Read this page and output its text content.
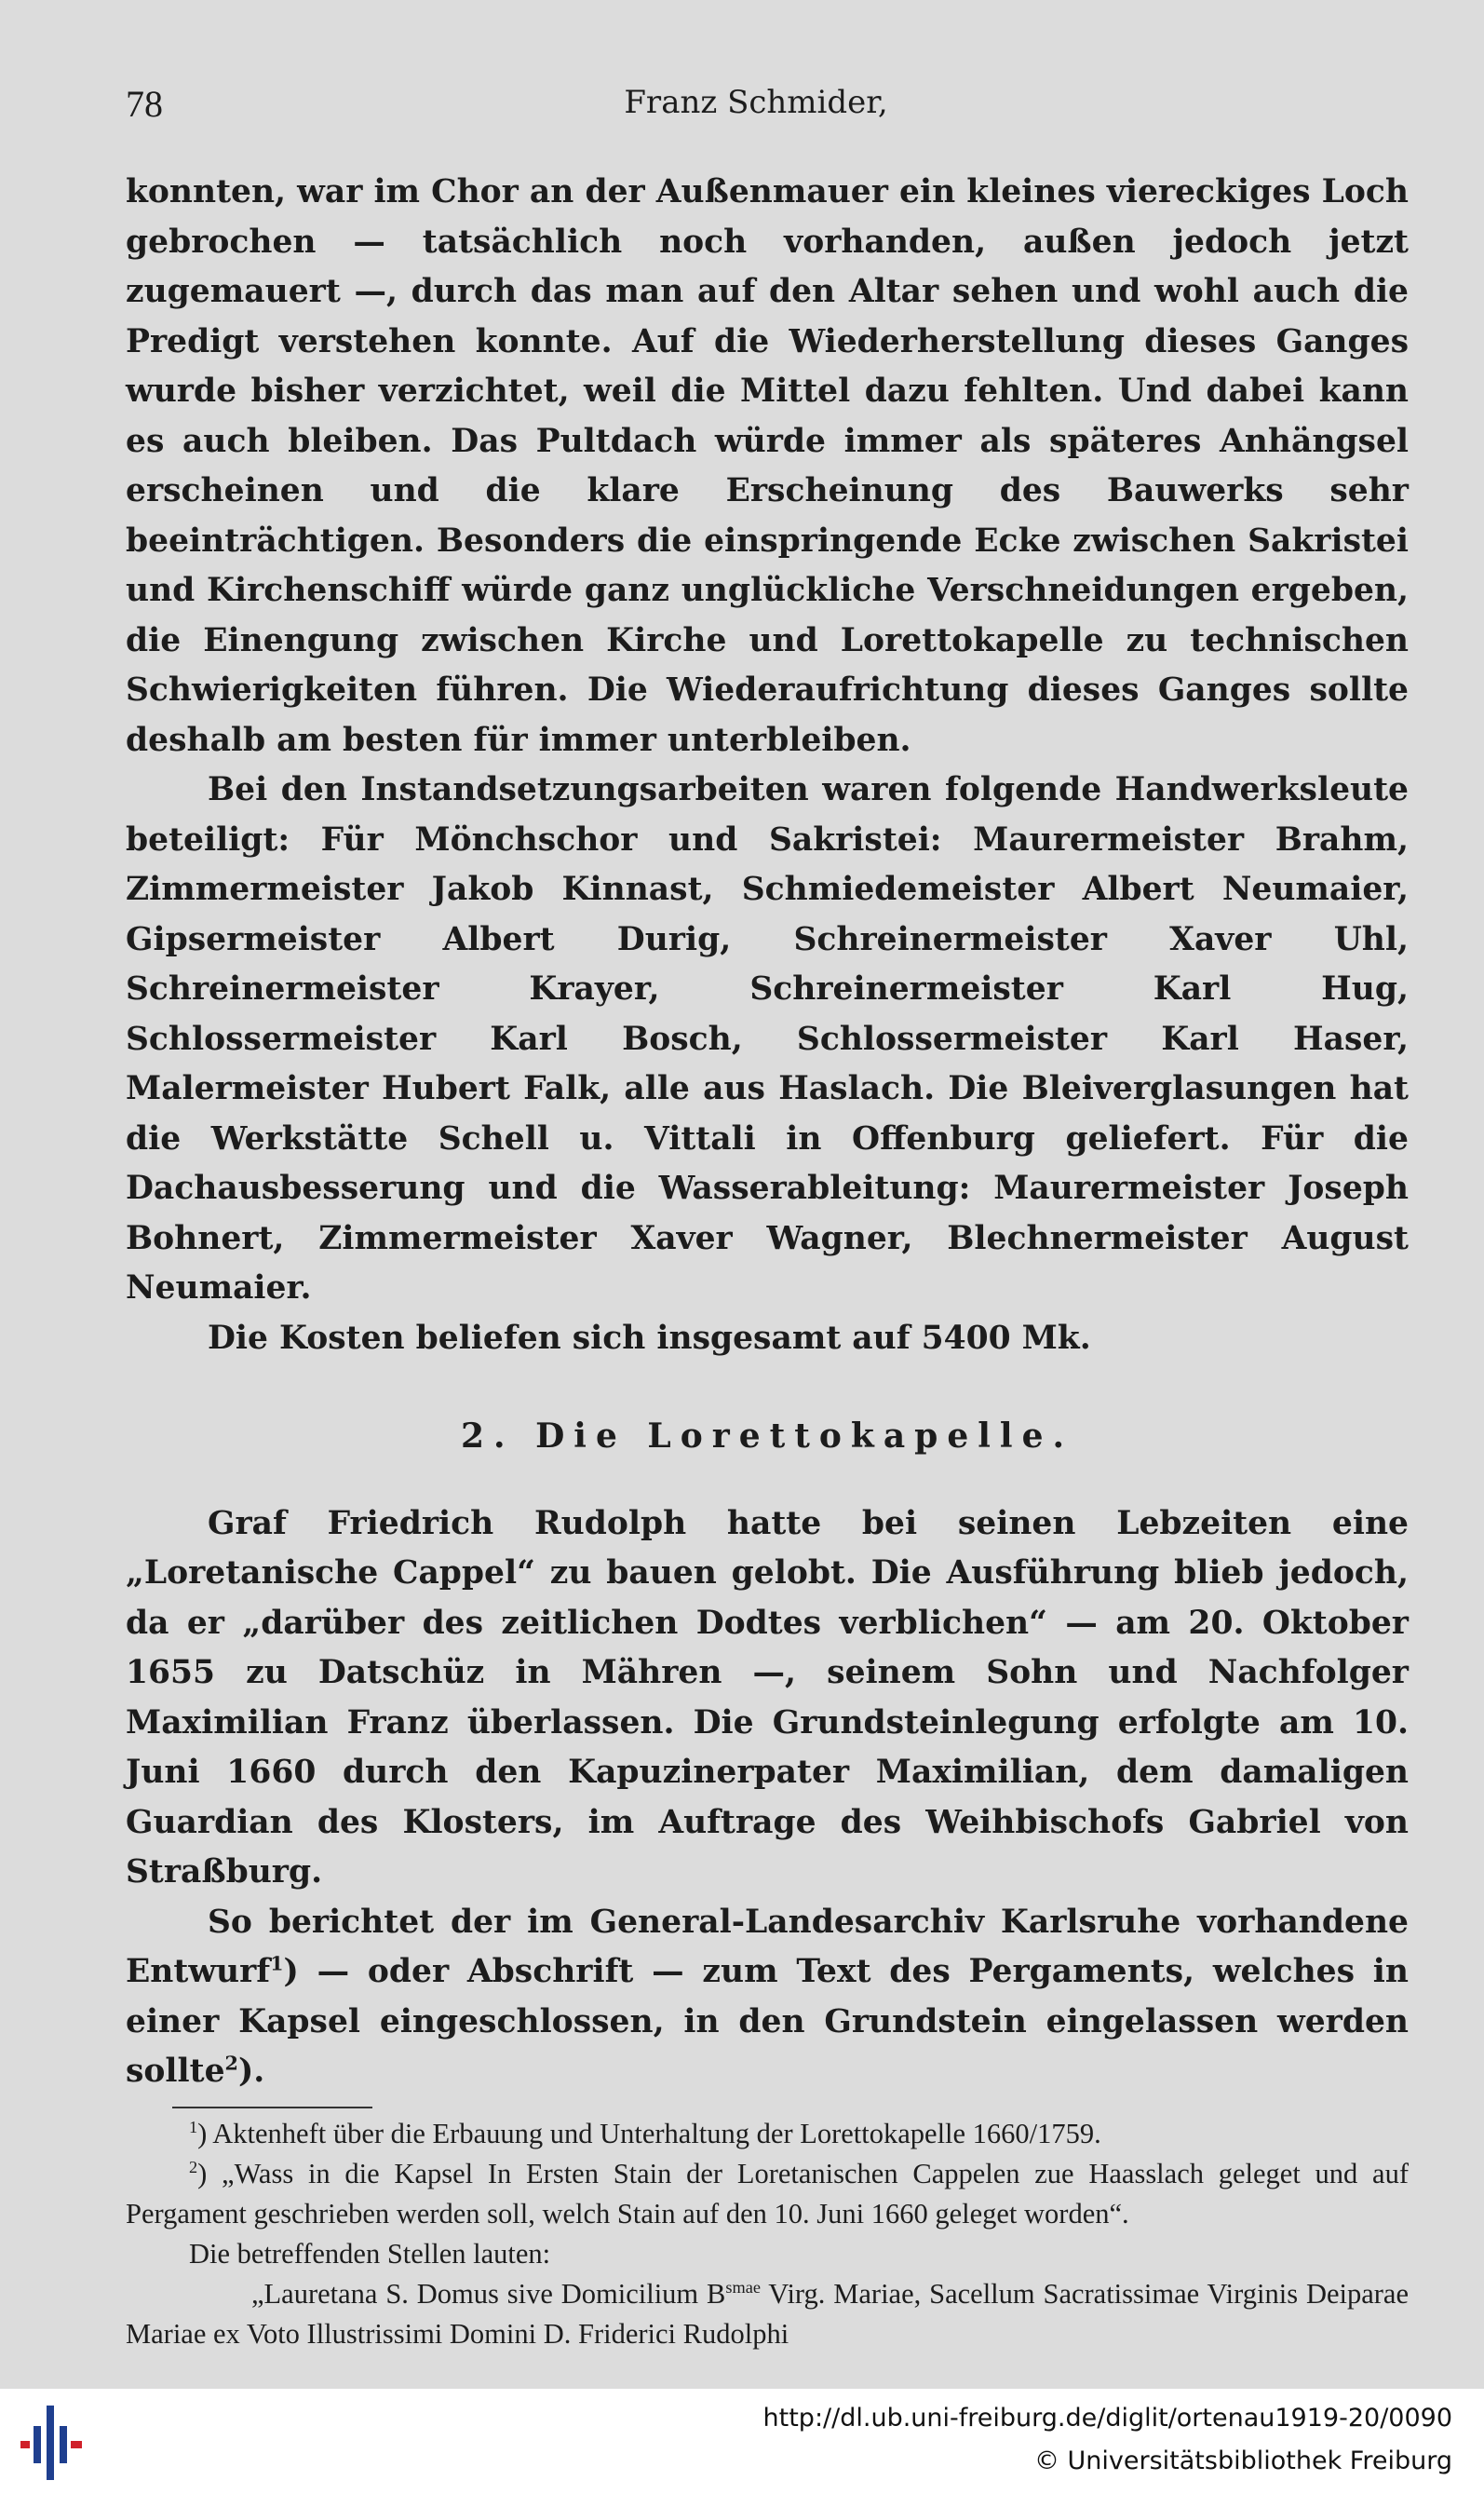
78	Franz Schmider,

konnten, war im Chor an der Außenmauer ein kleines viereckiges Loch gebrochen — tatsächlich noch vorhanden, außen jedoch jetzt zugemauert —, durch das man auf den Altar sehen und wohl auch die Predigt verstehen konnte. Auf die Wiederherstellung dieses Ganges wurde bisher verzichtet, weil die Mittel dazu fehlten. Und dabei kann es auch bleiben. Das Pultdach würde immer als späteres Anhängsel erscheinen und die klare Erscheinung des Bauwerks sehr beeinträchtigen. Besonders die einspringende Ecke zwischen Sakristei und Kirchenschiff würde ganz unglückliche Verschneidungen ergeben, die Einengung zwischen Kirche und Lorettokapelle zu technischen Schwierigkeiten führen. Die Wiederaufrichtung dieses Ganges sollte deshalb am besten für immer unterbleiben.

Bei den Instandsetzungsarbeiten waren folgende Handwerksleute beteiligt: Für Mönchschor und Sakristei: Maurermeister Brahm, Zimmermeister Jakob Kinnast, Schmiedemeister Albert Neumaier, Gipsermeister Albert Durig, Schreinermeister Xaver Uhl, Schreinermeister Krayer, Schreinermeister Karl Hug, Schlossermeister Karl Bosch, Schlossermeister Karl Haser, Malermeister Hubert Falk, alle aus Haslach. Die Bleiverglasungen hat die Werkstätte Schell u. Vittali in Offenburg geliefert. Für die Dachausbesserung und die Wasserableitung: Maurermeister Joseph Bohnert, Zimmermeister Xaver Wagner, Blechnermeister August Neumaier.

Die Kosten beliefen sich insgesamt auf 5400 Mk.

2. Die Lorettokapelle.

Graf Friedrich Rudolph hatte bei seinen Lebzeiten eine „Loretanische Cappel“ zu bauen gelobt. Die Ausführung blieb jedoch, da er „darüber des zeitlichen Dodtes verblichen“ — am 20. Oktober 1655 zu Datschüz in Mähren —, seinem Sohn und Nachfolger Maximilian Franz überlassen. Die Grundsteinlegung erfolgte am 10. Juni 1660 durch den Kapuzinerpater Maximilian, dem damaligen Guardian des Klosters, im Auftrage des Weihbischofs Gabriel von Straßburg.

So berichtet der im General-Landesarchiv Karlsruhe vorhandene Entwurf$^1$) — oder Abschrift — zum Text des Pergaments, welches in einer Kapsel eingeschlossen, in den Grundstein eingelassen werden sollte$^2$).

$^1$) Aktenheft über die Erbauung und Unterhaltung der Lorettokapelle 1660/1759.

$^2$) „Wass in die Kapsel In Ersten Stain der Loretanischen Cappelen zue Haasslach geleget und auf Pergament geschrieben werden soll, welch Stain auf den 10. Juni 1660 geleget worden“.

Die betreffenden Stellen lauten:

„Lauretana S. Domus sive Domicilium $B^{smae}$ Virg. Mariae, Sacellum Sacratissimae Virginis Deiparae Mariae ex Voto Illustrissimi Domini D. Friderici Rudolphi

http://dl.ub.uni-freiburg.de/diglit/ortenau1919-20/0090
© Universitätsbibliothek Freiburg
